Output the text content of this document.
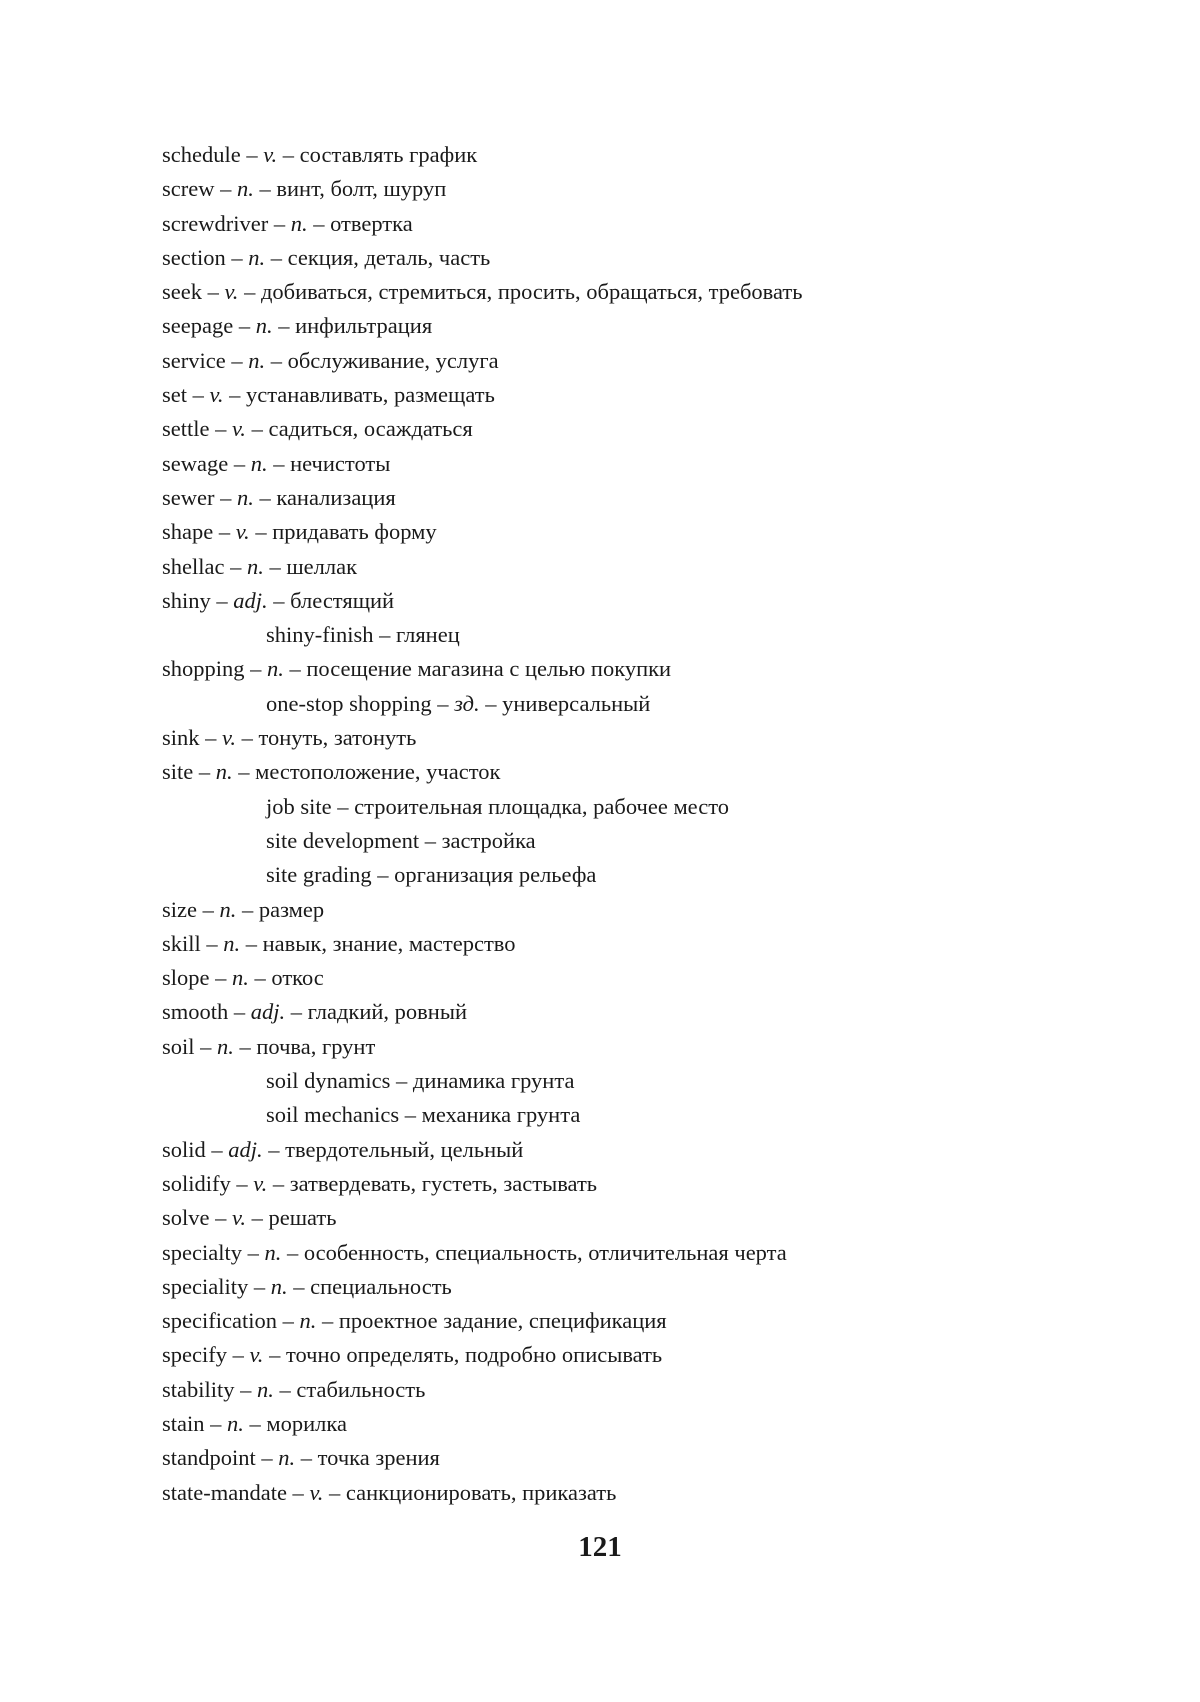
schedule – v. – составлять график
screw – n. – винт, болт, шуруп
screwdriver – n. – отвертка
section – n. – секция, деталь, часть
seek – v. – добиваться, стремиться, просить, обращаться, требовать
seepage – n. – инфильтрация
service – n. – обслуживание, услуга
set – v. – устанавливать, размещать
settle – v. – садиться, осаждаться
sewage – n. – нечистоты
sewer – n. – канализация
shape – v. – придавать форму
shellac – n. – шеллак
shiny – adj. – блестящий
shiny-finish – глянец
shopping – n. – посещение магазина с целью покупки
one-stop shopping – зд. – универсальный
sink – v. – тонуть, затонуть
site – n. – местоположение, участок
job site – строительная площадка, рабочее место
site development – застройка
site grading – организация рельефа
size – n. – размер
skill – n. – навык, знание, мастерство
slope – n. – откос
smooth – adj. – гладкий, ровный
soil – n. – почва, грунт
soil dynamics – динамика грунта
soil mechanics – механика грунта
solid – adj. – твердотельный, цельный
solidify – v. – затвердевать, густеть, застывать
solve – v. – решать
specialty – n. – особенность, специальность, отличительная черта
speciality – n. – специальность
specification – n. – проектное задание, спецификация
specify – v. – точно определять, подробно описывать
stability – n. – стабильность
stain – n. – морилка
standpoint – n. – точка зрения
state-mandate – v. – санкционировать, приказать
121
